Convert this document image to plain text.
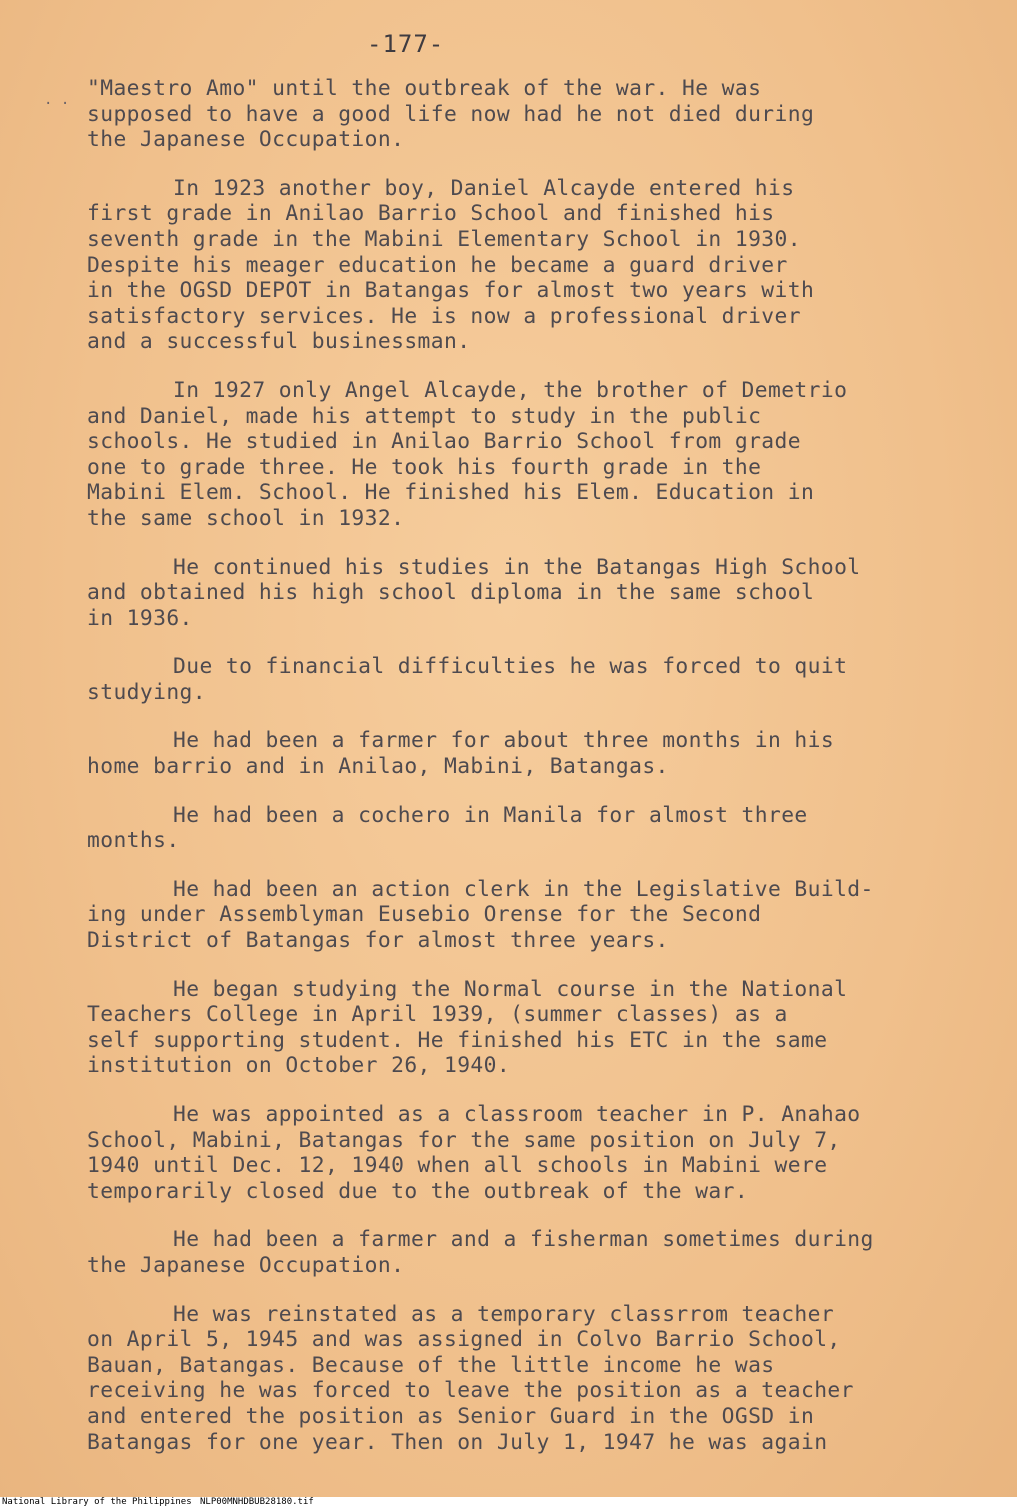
-177-
. . "Maestro Amo" until the outbreak of the war. He was
supposed to have a good life now had he not died during
the Japanese Occupation.
In 1923 another boy, Daniel Alcayde entered his
first grade in Anilao Barrio School and finished his
seventh grade in the Mabini Elementary School in 1930.
Despite his meager education he became a guard driver
in the OGSD DEPOT in Batangas for almost two years with
satisfactory services. He is now a professional driver
and a successful businessman.
In 1927 only Angel Alcayde, the brother of Demetrio
and Daniel, made his attempt to study in the public
schools. He studied in Anilao Barrio School from grade
one to grade three. He took his fourth grade in the
Mabini Elem. School. He finished his Elem. Education in
the same school in 1932.
He continued his studies in the Batangas High School
and obtained his high school diploma in the same school
in 1936.
Due to financial difficulties he was forced to quit
studying.
He had been a farmer for about three months in his
home barrio and in Anilao, Mabini, Batangas.
He had been a cochero in Manila for almost three
months.
He had been an action clerk in the Legislative Build-
ing under Assemblyman Eusebio Orense for the Second
District of Batangas for almost three years.
He began studying the Normal course in the National
Teachers College in April 1939, (summer classes) as a
self supporting student. He finished his ETC in the same
institution on October 26, 1940.
He was appointed as a classroom teacher in P. Anahao
School, Mabini, Batangas for the same position on July 7,
1940 until Dec. 12, 1940 when all schools in Mabini were
temporarily closed due to the outbreak of the war.
He had been a farmer and a fisherman sometimes during
the Japanese Occupation.
He was reinstated as a temporary classrrom teacher
on April 5, 1945 and was assigned in Colvo Barrio School,
Bauan, Batangas. Because of the little income he was
receiving he was forced to leave the position as a teacher
and entered the position as Senior Guard in the OGSD in
Batangas for one year. Then on July 1, 1947 he was again
National Library of the Philippines NLP00MNHDBUB28180.tif
